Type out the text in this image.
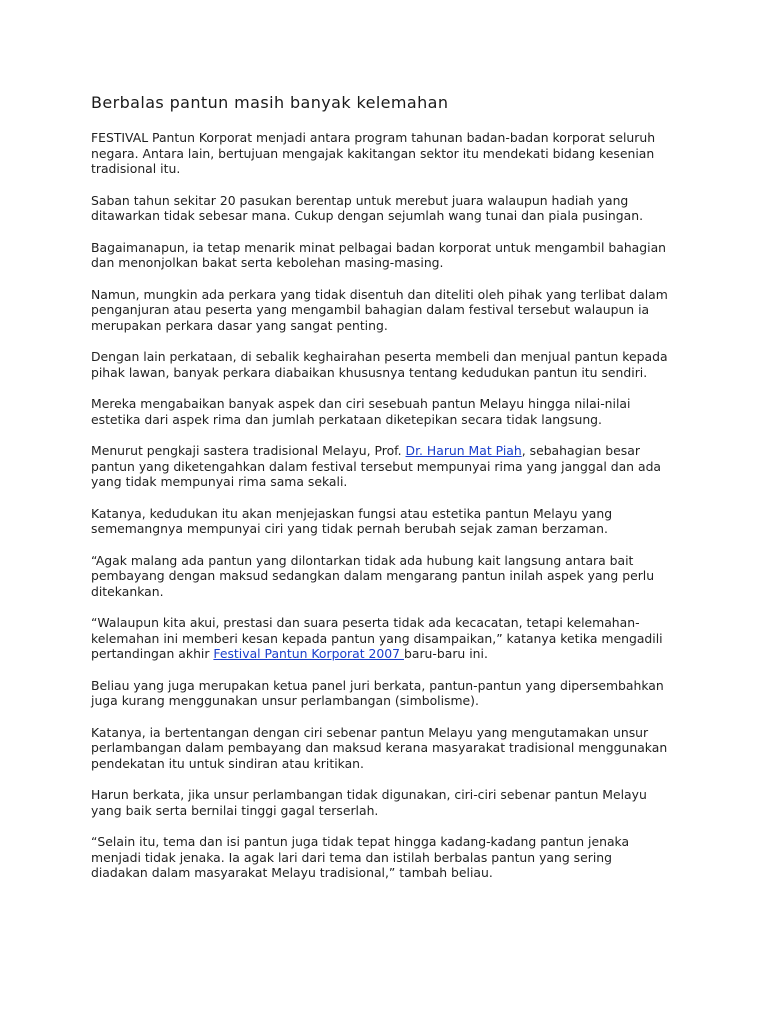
Berbalas pantun masih banyak kelemahan
FESTIVAL Pantun Korporat menjadi antara program tahunan badan-badan korporat seluruh
negara. Antara lain, bertujuan mengajak kakitangan sektor itu mendekati bidang kesenian
tradisional itu.
Saban tahun sekitar 20 pasukan berentap untuk merebut juara walaupun hadiah yang
ditawarkan tidak sebesar mana. Cukup dengan sejumlah wang tunai dan piala pusingan.
Bagaimanapun, ia tetap menarik minat pelbagai badan korporat untuk mengambil bahagian
dan menonjolkan bakat serta kebolehan masing-masing.
Namun, mungkin ada perkara yang tidak disentuh dan diteliti oleh pihak yang terlibat dalam
penganjuran atau peserta yang mengambil bahagian dalam festival tersebut walaupun ia
merupakan perkara dasar yang sangat penting.
Dengan lain perkataan, di sebalik keghairahan peserta membeli dan menjual pantun kepada
pihak lawan, banyak perkara diabaikan khususnya tentang kedudukan pantun itu sendiri.
Mereka mengabaikan banyak aspek dan ciri sesebuah pantun Melayu hingga nilai-nilai
estetika dari aspek rima dan jumlah perkataan diketepikan secara tidak langsung.
Menurut pengkaji sastera tradisional Melayu, Prof. Dr. Harun Mat Piah, sebahagian besar
pantun yang diketengahkan dalam festival tersebut mempunyai rima yang janggal dan ada
yang tidak mempunyai rima sama sekali.
Katanya, kedudukan itu akan menjejaskan fungsi atau estetika pantun Melayu yang
sememangnya mempunyai ciri yang tidak pernah berubah sejak zaman berzaman.
“Agak malang ada pantun yang dilontarkan tidak ada hubung kait langsung antara bait
pembayang dengan maksud sedangkan dalam mengarang pantun inilah aspek yang perlu
ditekankan.
“Walaupun kita akui, prestasi dan suara peserta tidak ada kecacatan, tetapi kelemahan-
kelemahan ini memberi kesan kepada pantun yang disampaikan,” katanya ketika mengadili
pertandingan akhir Festival Pantun Korporat 2007 baru-baru ini.
Beliau yang juga merupakan ketua panel juri berkata, pantun-pantun yang dipersembahkan
juga kurang menggunakan unsur perlambangan (simbolisme).
Katanya, ia bertentangan dengan ciri sebenar pantun Melayu yang mengutamakan unsur
perlambangan dalam pembayang dan maksud kerana masyarakat tradisional menggunakan
pendekatan itu untuk sindiran atau kritikan.
Harun berkata, jika unsur perlambangan tidak digunakan, ciri-ciri sebenar pantun Melayu
yang baik serta bernilai tinggi gagal terserlah.
“Selain itu, tema dan isi pantun juga tidak tepat hingga kadang-kadang pantun jenaka
menjadi tidak jenaka. Ia agak lari dari tema dan istilah berbalas pantun yang sering
diadakan dalam masyarakat Melayu tradisional,” tambah beliau.
